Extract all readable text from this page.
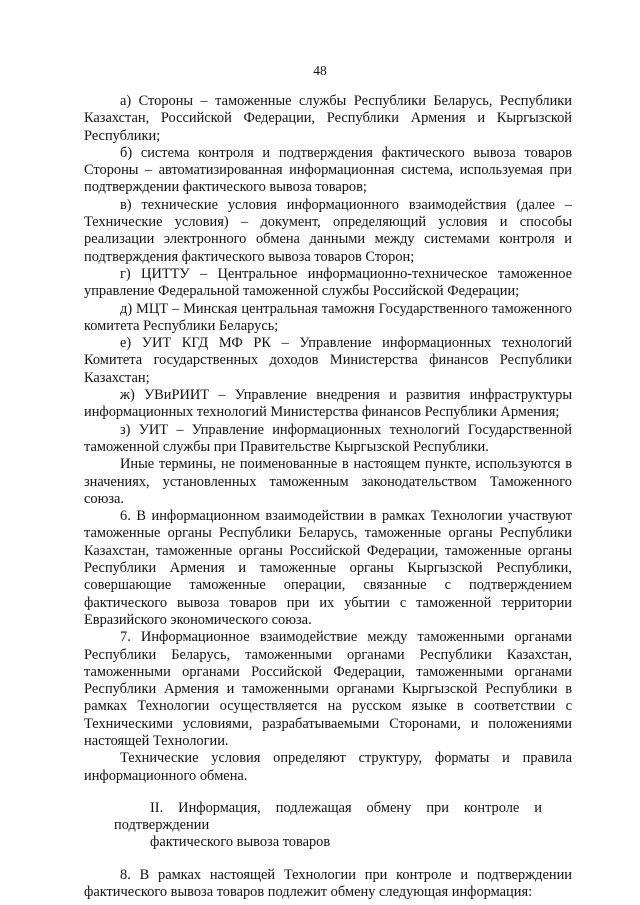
48

а) Стороны – таможенные службы Республики Беларусь, Республики Казахстан, Российской Федерации, Республики Армения и Кыргызской Республики;

б) система контроля и подтверждения фактического вывоза товаров Стороны – автоматизированная информационная система, используемая при подтверждении фактического вывоза товаров;

в) технические условия информационного взаимодействия (далее – Технические условия) – документ, определяющий условия и способы реализации электронного обмена данными между системами контроля и подтверждения фактического вывоза товаров Сторон;

г) ЦИТТУ – Центральное информационно-техническое таможенное управление Федеральной таможенной службы Российской Федерации;

д) МЦТ – Минская центральная таможня Государственного таможенного комитета Республики Беларусь;

е) УИТ КГД МФ РК – Управление информационных технологий Комитета государственных доходов Министерства финансов Республики Казахстан;

ж) УВиРИИТ – Управление внедрения и развития инфраструктуры информационных технологий Министерства финансов Республики Армения;

з) УИТ – Управление информационных технологий Государственной таможенной службы при Правительстве Кыргызской Республики.

Иные термины, не поименованные в настоящем пункте, используются в значениях, установленных таможенным законодательством Таможенного союза.

6. В информационном взаимодействии в рамках Технологии участвуют таможенные органы Республики Беларусь, таможенные органы Республики Казахстан, таможенные органы Российской Федерации, таможенные органы Республики Армения и таможенные органы Кыргызской Республики, совершающие таможенные операции, связанные с подтверждением фактического вывоза товаров при их убытии с таможенной территории Евразийского экономического союза.

7. Информационное взаимодействие между таможенными органами Республики Беларусь, таможенными органами Республики Казахстан, таможенными органами Российской Федерации, таможенными органами Республики Армения и таможенными органами Кыргызской Республики в рамках Технологии осуществляется на русском языке в соответствии с Техническими условиями, разрабатываемыми Сторонами, и положениями настоящей Технологии.

Технические условия определяют структуру, форматы и правила информационного обмена.

II. Информация, подлежащая обмену при контроле и подтверждении
фактического вывоза товаров

8. В рамках настоящей Технологии при контроле и подтверждении фактического вывоза товаров подлежит обмену следующая информация:
